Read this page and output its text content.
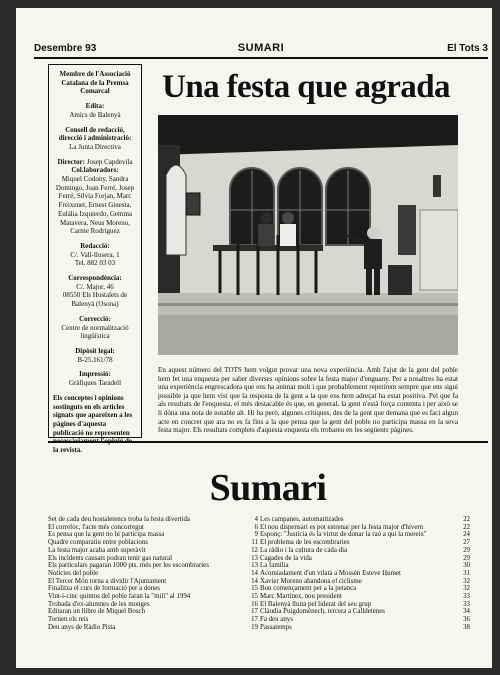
Desembre 93	SUMARI	El Tots 3
Membre de l'Associació Catalana de la Premsa Comarcal
Edita:
Amics de Balenyà
Consell de redacció, direcció i administració:
La Junta Directiva
Director: Josep Capdevila
Col.laboradors:
Miquel Codony, Sandra Domingo, Joan Ferré, Josep Ferré, Sílvia Forjan, Marc Freixenet, Ernest Ginesta, Eulàlia Izquierdo, Gemma Matavera, Neus Moreno, Carme Rodríguez
Redacció:
C/. Vall-llosera, 1
Tel. 882 03 03
Correspondència:
C/. Major, 46
08550 Els Hostalets de Balenyà (Osona)
Correcció:
Centre de normalització lingüística
Dipòsit legal:
B-25.161/78
Impressió:
Gràfiques Taradell
Els conceptes i opinions sostinguts en els articles signats que apareixen a les pàgines d'aquesta publicació no representen la revista.
Una festa que agrada
En aquest número del TOTS hem volgut provar una nova experiència. Amb l'ajut de la gent del poble hem fet una enquesta per saber diverses opinions sobre la festa major d'enguany. Per a nosaltres ha estat una experiència engrescadora que ens ha animat molt i que probablement repetirem sempre que ens sigui possible ja que hem vist que la resposta de la gent a la que ens hem adreçat ha estat positiva. Pel que fa als resultats de l'enquesta, el més destacable és que, en general, la gent n'està força contenta i per això se li dóna una nota de notable alt. Hi ha però, algunes crítiques, des de la gent que demana que es faci algun acte en concret que ara no es fa fins a la que pensa que la gent del poble no participa massa en la seva festa major. Els resultats complets d'aquesta enquesta els trobareu en les següents pàgines.
Sumari
Set de cada deu hostaletencs troba la festa divertida	4
El correfoc, l'acte més concorregut	6
Es pensa que la gent no hi participa massa	9
Quadre comparatiu entre poblacions	11
La festa major acaba amb superàvit	12
Els incidents causats podran tenir gas natural	13
Els particulars pagaran 1000 pts. més per les escombraries	13
Notícies del poble	14
El Tercer Món torna a dividir l'Ajuntament	14
Finalitza el curs de formació per a dones	15
Vint-i-cinc quintos del poble faran la "mili" al 1994	15
Trobada d'ex-alumnes de les monges	16
Editaran un llibre de Miquel Bosch	17
Tornen els reis	17
Deu anys de Ràdio Pista	19
Les campanes, automatitzades	22
El nou dispensari es pot estrenar per la festa major d'hivern	22
Esponç: "Justícia és la virtut de donar la raó a qui la mereix"	24
El problema de les escombraries	27
La ràdio i la cultura de cada dia	29
Cagades de la vida	29
La família	30
Acomiadament d'un vilatà a Mossèn Esteve Humet	31
Xavier Moreno abandona el ciclisme	32
Bon començament per a la petanca	32
Marc Martínez, nou president	33
El Balenyà lluita pel liderat del seu grup	33
Clàudia Puigdomènech, tercera a Calldetenes	34
Fa deu anys	36
Passatemps	38
